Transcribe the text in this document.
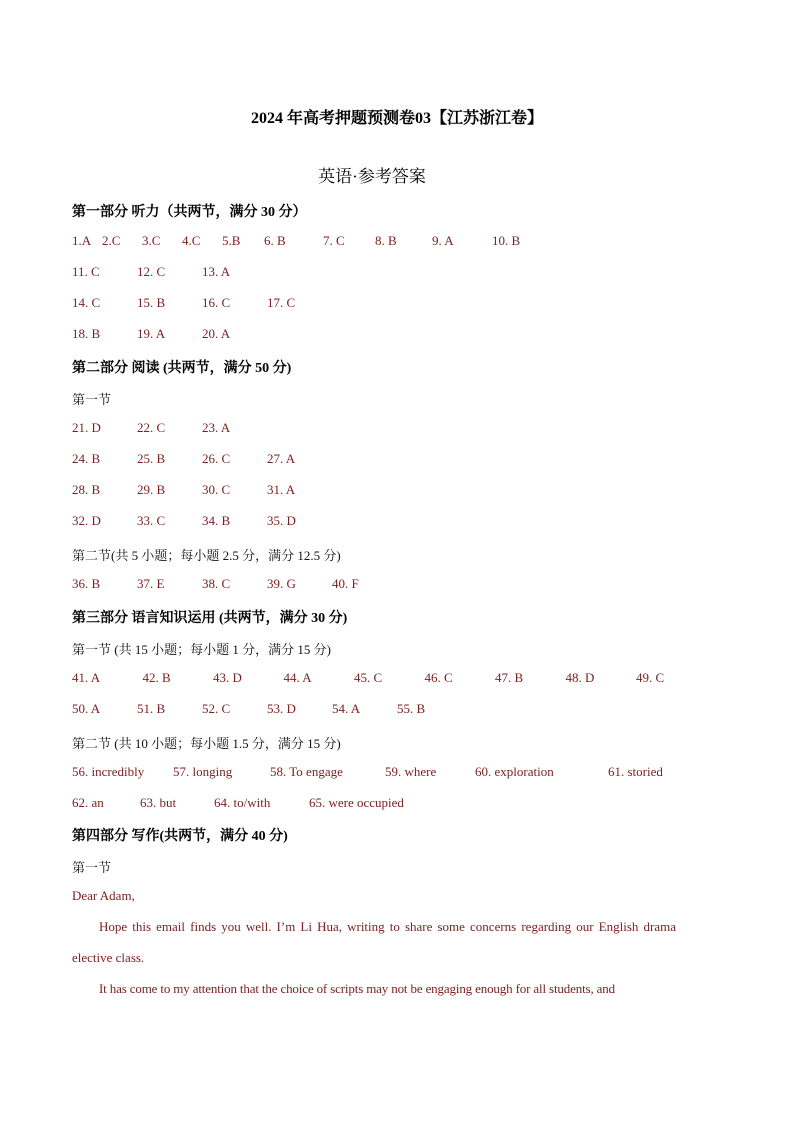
2024 年高考押题预测卷03【江苏浙江卷】
英语·参考答案
第一部分 听力（共两节，满分 30 分）
1.A 2.C 3.C 4.C 5.B 6. B	7. C 8. B	9. A	10. B
11. C	12. C	13. A
14. C	15. B	16. C	17. C
18. B	19. A	20. A
第二部分 阅读 (共两节，满分 50 分)
第一节
21. D	22. C	23. A
24. B	25. B	26. C	27. A
28. B	29. B	30. C	31. A
32. D	33. C	34. B	35. D
第二节(共 5 小题；每小题 2.5 分，满分 12.5 分)
36. B	37. E	38. C	39. G	40. F
第三部分 语言知识运用 (共两节，满分 30 分)
第一节 (共 15 小题；每小题 1 分，满分 15 分)
41. A	42. B	43. D	44. A	45. C	46. C	47. B	48. D	49. C
50. A	51. B	52. C	53. D	54. A	55. B
第二节 (共 10 小题；每小题 1.5 分，满分 15 分)
56. incredibly 57. longing	58. To engage	59. where	60. exploration	61. storied
62. an	63. but	64. to/with	65. were occupied
第四部分 写作(共两节，满分 40 分)
第一节
Dear Adam,
Hope this email finds you well. I’m Li Hua, writing to share some concerns regarding our English drama elective class.
It has come to my attention that the choice of scripts may not be engaging enough for all students, and
